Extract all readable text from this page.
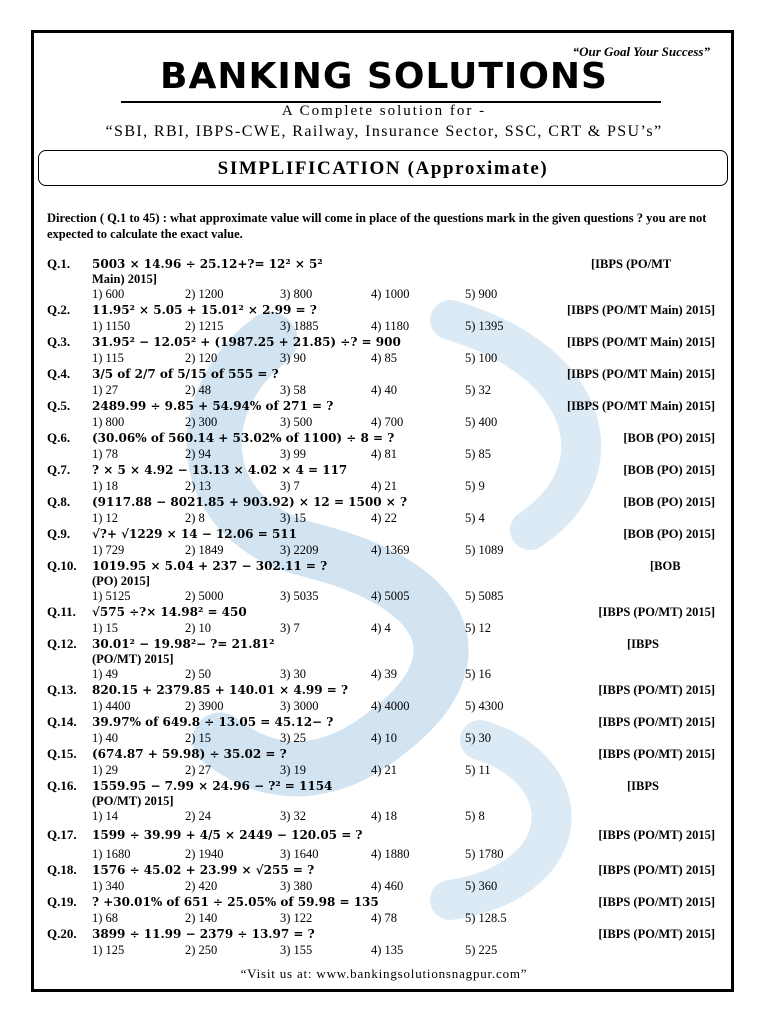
“Our Goal Your Success”
BANKING SOLUTIONS
A Complete solution for -
“SBI, RBI, IBPS-CWE, Railway, Insurance Sector, SSC, CRT & PSU’s”
SIMPLIFICATION (Approximate)
Direction ( Q.1 to 45) : what approximate value will come in place of the questions mark in the given questions ? you are not expected to calculate the exact value.
Q.1. 5003 × 14.96 ÷ 25.12+?= 12² × 5²	[IBPS (PO/MT
Main) 2015]
1) 600	2) 1200	3) 800	4) 1000	5) 900
Q.2. 11.95² × 5.05 + 15.01² × 2.99 = ?	[IBPS (PO/MT Main) 2015]
1) 1150	2) 1215	3) 1885	4) 1180	5) 1395
Q.3. 31.95² − 12.05² + (1987.25 + 21.85) ÷? = 900	[IBPS (PO/MT Main) 2015]
1) 115	2) 120	3) 90	4) 85	5) 100
Q.4. 3/5 of 2/7 of 5/15 of 555 = ?	[IBPS (PO/MT Main) 2015]
1) 27	2) 48	3) 58	4) 40	5) 32
Q.5. 2489.99 ÷ 9.85 + 54.94% of 271 = ?	[IBPS (PO/MT Main) 2015]
1) 800	2) 300	3) 500	4) 700	5) 400
Q.6. (30.06% of 560.14 + 53.02% of 1100) ÷ 8 = ?	[BOB (PO) 2015]
1) 78	2) 94	3) 99	4) 81	5) 85
Q.7. ? × 5 × 4.92 − 13.13 × 4.02 × 4 = 117	[BOB (PO) 2015]
1) 18	2) 13	3) 7	4) 21	5) 9
Q.8. (9117.88 − 8021.85 + 903.92) × 12 = 1500 × ?	[BOB (PO) 2015]
1) 12	2) 8	3) 15	4) 22	5) 4
Q.9. √?+ √1229 × 14 − 12.06 = 511	[BOB (PO) 2015]
1) 729	2) 1849	3) 2209	4) 1369	5) 1089
Q.10. 1019.95 × 5.04 + 237 − 302.11 = ?	[BOB
(PO) 2015]
1) 5125	2) 5000	3) 5035	4) 5005	5) 5085
Q.11. √575 ÷?× 14.98² = 450	[IBPS (PO/MT) 2015]
1) 15	2) 10	3) 7	4) 4	5) 12
Q.12. 30.01² − 19.98²− ?= 21.81²	[IBPS
(PO/MT) 2015]
1) 49	2) 50	3) 30	4) 39	5) 16
Q.13. 820.15 + 2379.85 + 140.01 × 4.99 = ?	[IBPS (PO/MT) 2015]
1) 4400	2) 3900	3) 3000	4) 4000	5) 4300
Q.14. 39.97% of 649.8 ÷ 13.05 = 45.12− ?	[IBPS (PO/MT) 2015]
1) 40	2) 15	3) 25	4) 10	5) 30
Q.15. (674.87 + 59.98) ÷ 35.02 = ?	[IBPS (PO/MT) 2015]
1) 29	2) 27	3) 19	4) 21	5) 11
Q.16. 1559.95 − 7.99 × 24.96 − ?² = 1154	[IBPS
(PO/MT) 2015]
1) 14	2) 24	3) 32	4) 18	5) 8
Q.17. 1599 ÷ 39.99 + 4/5 × 2449 − 120.05 = ?	[IBPS (PO/MT) 2015]
1) 1680	2) 1940	3) 1640	4) 1880	5) 1780
Q.18. 1576 ÷ 45.02 + 23.99 × √255 = ?	[IBPS (PO/MT) 2015]
1) 340	2) 420	3) 380	4) 460	5) 360
Q.19. ? +30.01% of 651 ÷ 25.05% of 59.98 = 135	[IBPS (PO/MT) 2015]
1) 68	2) 140	3) 122	4) 78	5) 128.5
Q.20. 3899 ÷ 11.99 − 2379 ÷ 13.97 = ?	[IBPS (PO/MT) 2015]
1) 125	2) 250	3) 155	4) 135	5) 225
“Visit us at: www.bankingsolutionsnagpur.com”
